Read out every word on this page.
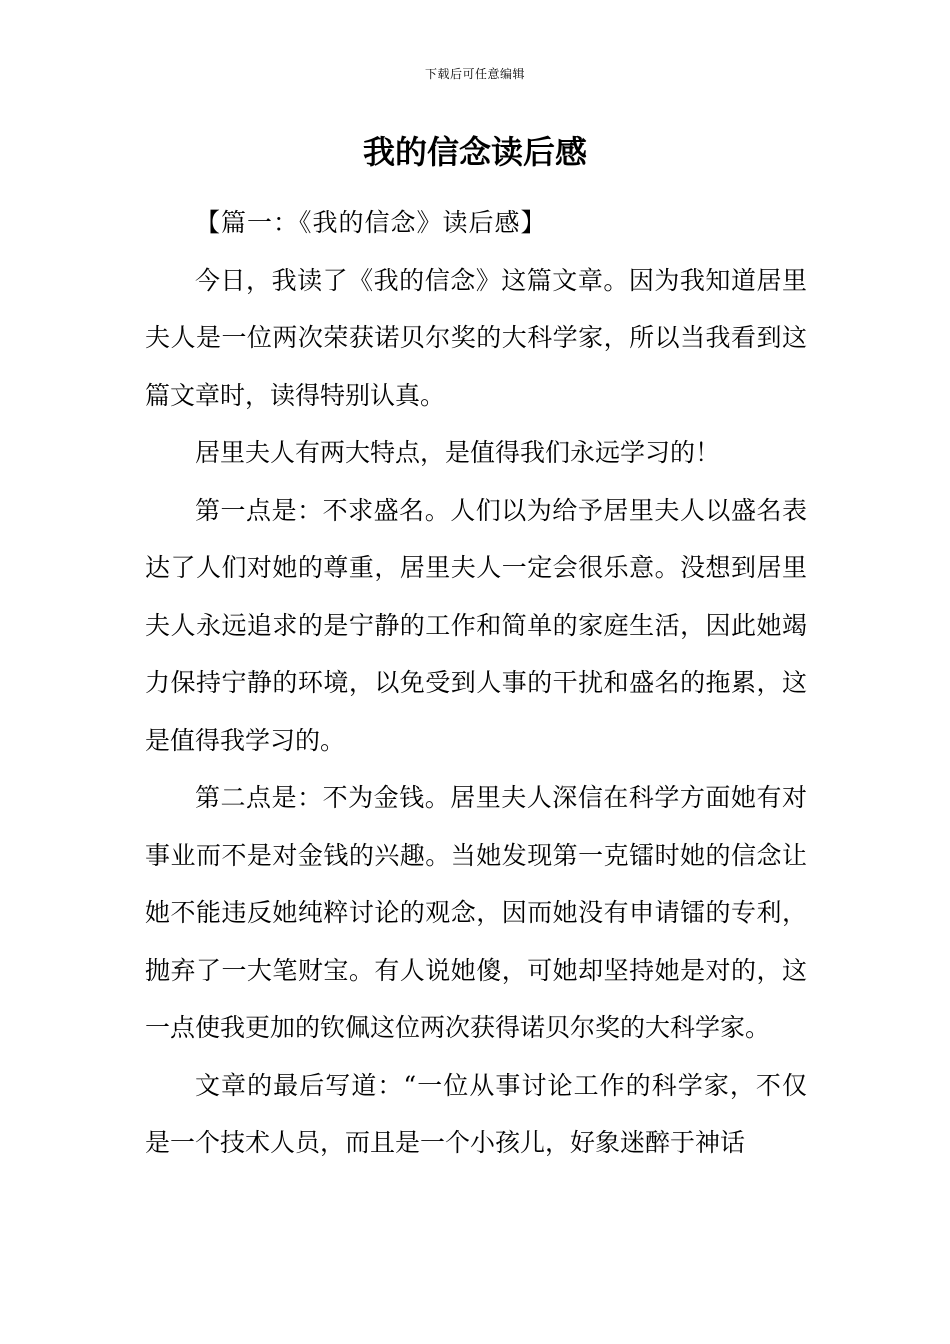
下载后可任意编辑
我的信念读后感

【篇一：《我的信念》读后感】

今日，我读了《我的信念》这篇文章。因为我知道居里夫人是一位两次荣获诺贝尔奖的大科学家，所以当我看到这篇文章时，读得特别认真。

居里夫人有两大特点，是值得我们永远学习的！

第一点是：不求盛名。人们以为给予居里夫人以盛名表达了人们对她的尊重，居里夫人一定会很乐意。没想到居里夫人永远追求的是宁静的工作和简单的家庭生活，因此她竭力保持宁静的环境，以免受到人事的干扰和盛名的拖累，这是值得我学习的。

第二点是：不为金钱。居里夫人深信在科学方面她有对事业而不是对金钱的兴趣。当她发现第一克镭时她的信念让她不能违反她纯粹讨论的观念，因而她没有申请镭的专利，抛弃了一大笔财宝。有人说她傻，可她却坚持她是对的，这一点使我更加的钦佩这位两次获得诺贝尔奖的大科学家。

文章的最后写道：“一位从事讨论工作的科学家，不仅是一个技术人员，而且是一个小孩儿，好象迷醉于神话
